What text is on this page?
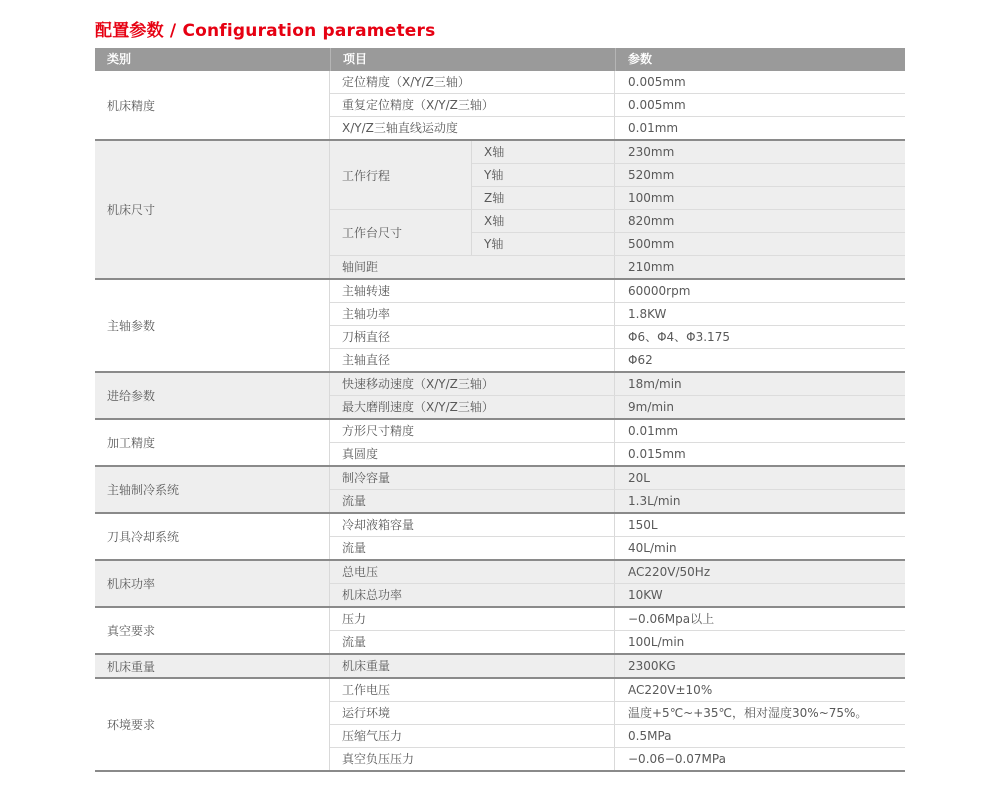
配置参数 / Configuration parameters
类别	项目	参数
机床精度
定位精度（X/Y/Z三轴）	0.005mm
重复定位精度（X/Y/Z三轴）	0.005mm
X/Y/Z三轴直线运动度	0.01mm
机床尺寸
工作行程
X轴	230mm
Y轴	520mm
Z轴	100mm
工作台尺寸
X轴	820mm
Y轴	500mm
轴间距	210mm
主轴参数
主轴转速	60000rpm
主轴功率	1.8KW
刀柄直径	Φ6、Φ4、Φ3.175
主轴直径	Φ62
进给参数
快速移动速度（X/Y/Z三轴）	18m/min
最大磨削速度（X/Y/Z三轴）	9m/min
加工精度
方形尺寸精度	0.01mm
真圆度	0.015mm
主轴制冷系统
制冷容量	20L
流量	1.3L/min
刀具冷却系统
冷却液箱容量	150L
流量	40L/min
机床功率
总电压	AC220V/50Hz
机床总功率	10KW
真空要求
压力	−0.06Mpa以上
流量	100L/min
机床重量	机床重量	2300KG
环境要求
工作电压	AC220V±10%
运行环境	温度+5℃~+35℃，相对湿度30%~75%。
压缩气压力	0.5MPa
真空负压压力	−0.06−0.07MPa
